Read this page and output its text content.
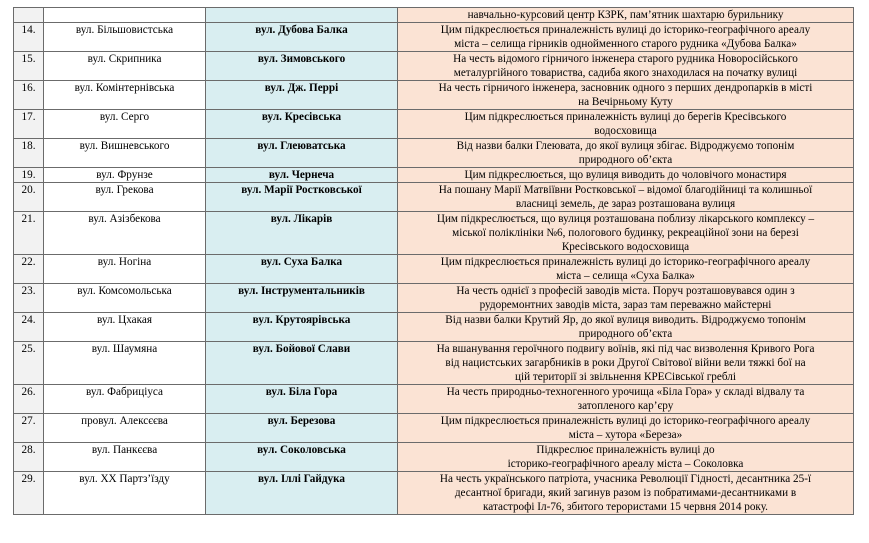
			навчально-курсовий центр КЗРК, пам’ятник шахтарю бурильнику

14.	вул. Більшовистська	вул. Дубова Балка	Цим підкреслюється приналежність вулиці до історико-географічного ареалу
міста – селища гірників однойменного старого рудника «Дубова Балка»

15.	вул. Скрипника	вул. Зимовського	На честь відомого гірничого інженера старого рудника Новоросійського
металургійного товариства, садиба якого знаходилася на початку вулиці

16.	вул. Комінтернівська	вул. Дж. Перрі	На честь гірничого інженера, засновник одного з перших дендропарків в місті
на Вечірньому Куту

17.	вул. Серго	вул. Кресівська	Цим підкреслюється приналежність вулиці до берегів Кресівського
водосховища

18.	вул. Вишневського	вул. Глеюватська	Від назви балки Глеювата, до якої вулиця збігає. Відроджуємо топонім
природного об’єкта

19.	вул. Фрунзе	вул. Чернеча	Цим підкреслюється, що вулиця виводить до чоловічого монастиря

20.	вул. Грекова	вул. Марії Ростковської	На пошану Марії Матвіївни Ростковської – відомої благодійниці та колишньої
власниці земель, де зараз розташована вулиця

21.	вул. Азізбекова	вул. Лікарів	Цим підкреслюється, що вулиця розташована поблизу лікарського комплексу –
міської поліклініки №6, пологового будинку, рекреаційної зони на березі
Кресівського водосховища

22.	вул. Ногіна	вул. Суха Балка	Цим підкреслюється приналежність вулиці до історико-географічного ареалу
міста – селища «Суха Балка»

23.	вул. Комсомольська	вул. Інструментальників	На честь однієї з професій заводів міста. Поруч розташовувався один з
рудоремонтних заводів міста, зараз там переважно майстерні

24.	вул. Цхакая	вул. Крутоярівська	Від назви балки Крутий Яр, до якої вулиця виводить. Відроджуємо топонім
природного об’єкта

25.	вул. Шаумяна	вул. Бойової Слави	На вшанування героїчного подвигу воїнів, які під час визволення Кривого Рога
від нацистських загарбників в роки Другої Світової війни вели тяжкі бої на
цій території зі звільнення КРЕСівської греблі

26.	вул. Фабриціуса	вул. Біла Гора	На честь природньо-техногенного урочища «Біла Гора» у складі відвалу та
затопленого кар’єру

27.	провул. Алексєєва	вул. Березова	Цим підкреслюється приналежність вулиці до історико-географічного ареалу
міста – хутора «Береза»

28.	вул. Панкєєва	вул. Соколовська	Підкреслює приналежність вулиці до
історико-географічного ареалу міста – Соколовка

29.	вул. XX Партз’їзду	вул. Іллі Гайдука	На честь українського патріота, учасника Революції Гідності, десантника 25-ї
десантної бригади, який загинув разом із побратимами-десантниками в
катастрофі Іл-76, збитого терористами 15 червня 2014 року.
